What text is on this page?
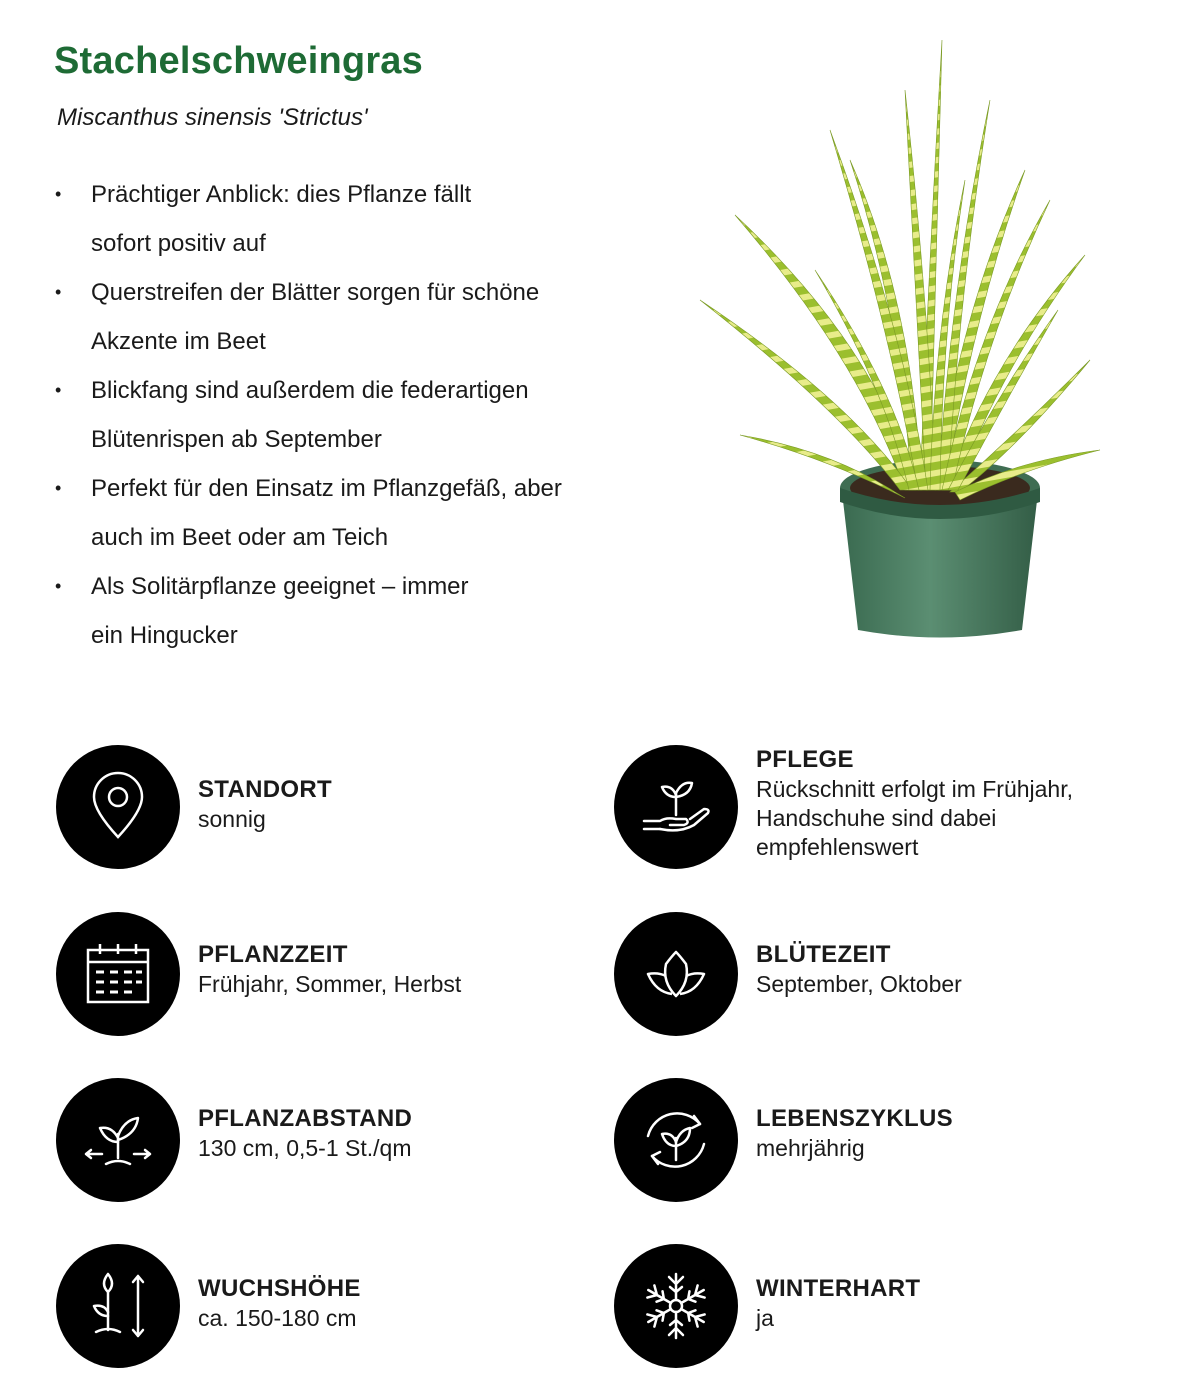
Stachelschweingras
Miscanthus sinensis 'Strictus'
• Prächtiger Anblick: dies Pflanze fällt
sofort positiv auf
• Querstreifen der Blätter sorgen für schöne
Akzente im Beet
• Blickfang sind außerdem die federartigen
Blütenrispen ab September
• Perfekt für den Einsatz im Pflanzgefäß, aber
auch im Beet oder am Teich
• Als Solitärpflanze geeignet – immer
ein Hingucker
STANDORT
sonnig
PFLEGE
Rückschnitt erfolgt im Frühjahr,
Handschuhe sind dabei
empfehlenswert
PFLANZZEIT
Frühjahr, Sommer, Herbst
BLÜTEZEIT
September, Oktober
PFLANZABSTAND
130 cm, 0,5-1 St./qm
LEBENSZYKLUS
mehrjährig
WUCHSHÖHE
ca. 150-180 cm
WINTERHART
ja
